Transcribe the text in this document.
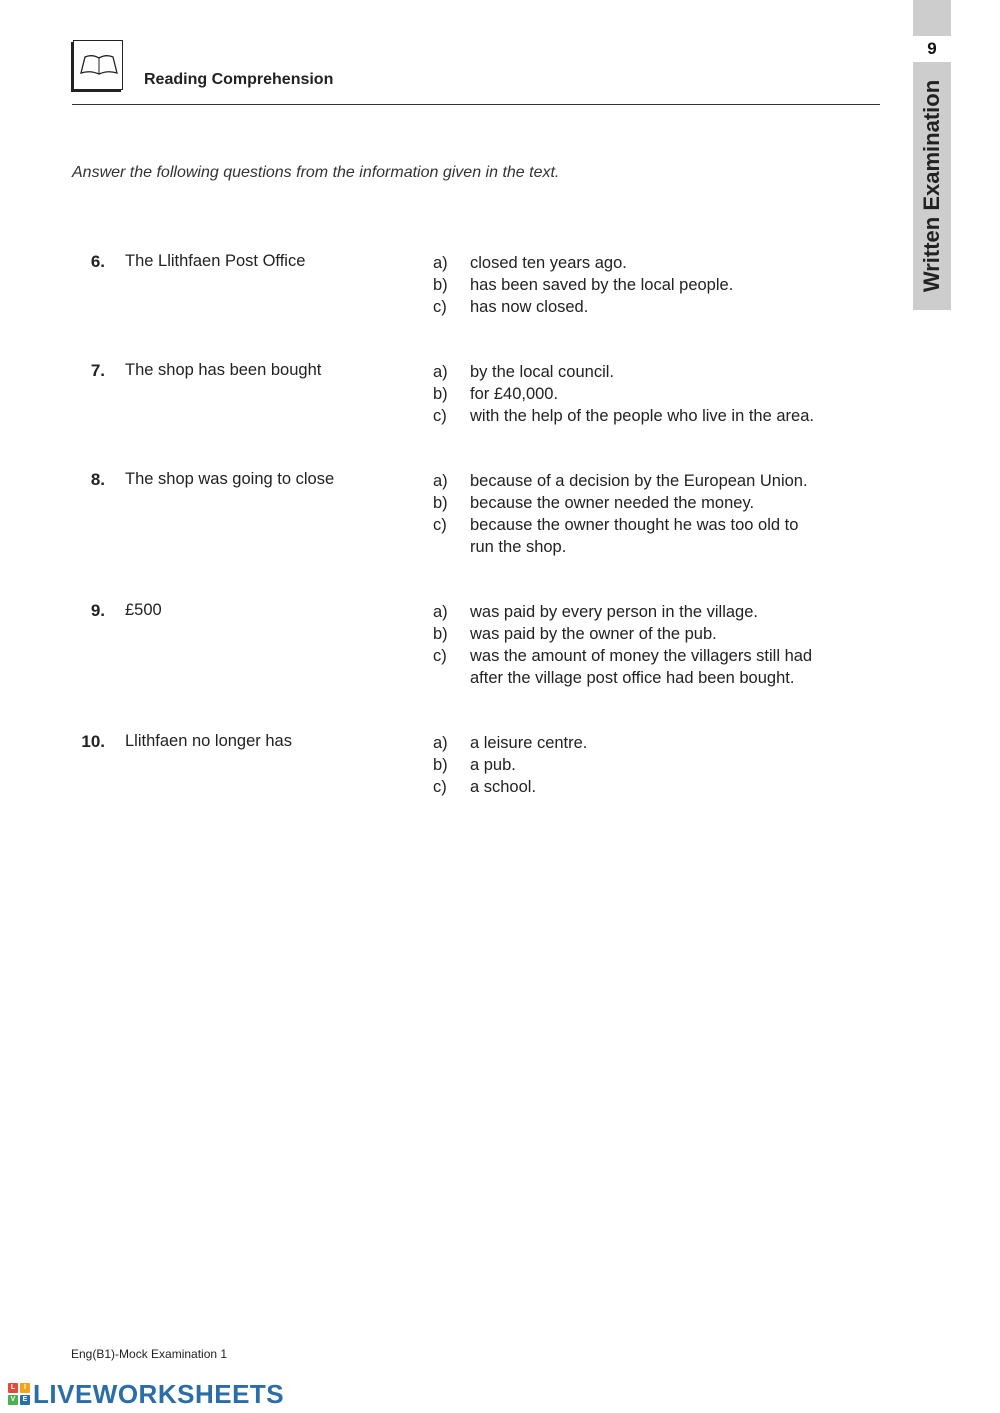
Reading Comprehension
9
Written Examination
Answer the following questions from the information given in the text.
6. The Llithfaen Post Office	a) closed ten years ago.
b) has been saved by the local people.
c) has now closed.
7. The shop has been bought	a) by the local council.
b) for £40,000.
c) with the help of the people who live in the area.
8. The shop was going to close	a) because of a decision by the European Union.
b) because the owner needed the money.
c) because the owner thought he was too old to run the shop.
9. £500	a) was paid by every person in the village.
b) was paid by the owner of the pub.
c) was the amount of money the villagers still had after the village post office had been bought.
10. Llithfaen no longer has	a) a leisure centre.
b) a pub.
c) a school.
Eng(B1)-Mock Examination 1
L	I
V	E LIVEWORKSHEETS
